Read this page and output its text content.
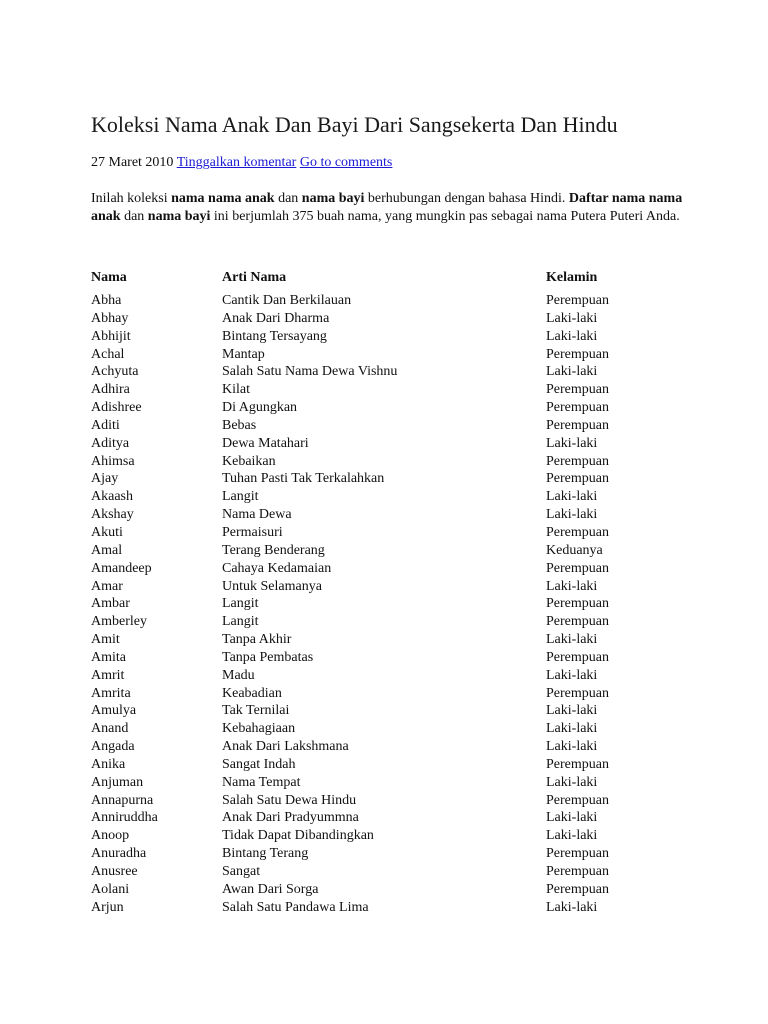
Koleksi Nama Anak Dan Bayi Dari Sangsekerta Dan Hindu
27 Maret 2010 Tinggalkan komentar Go to comments

Inilah koleksi nama nama anak dan nama bayi berhubungan dengan bahasa Hindi. Daftar nama nama anak dan nama bayi ini berjumlah 375 buah nama, yang mungkin pas sebagai nama Putera Puteri Anda.

Nama	Arti Nama	Kelamin
Abha	Cantik Dan Berkilauan	Perempuan
Abhay	Anak Dari Dharma	Laki-laki
Abhijit	Bintang Tersayang	Laki-laki
Achal	Mantap	Perempuan
Achyuta	Salah Satu Nama Dewa Vishnu	Laki-laki
Adhira	Kilat	Perempuan
Adishree	Di Agungkan	Perempuan
Aditi	Bebas	Perempuan
Aditya	Dewa Matahari	Laki-laki
Ahimsa	Kebaikan	Perempuan
Ajay	Tuhan Pasti Tak Terkalahkan	Perempuan
Akaash	Langit	Laki-laki
Akshay	Nama Dewa	Laki-laki
Akuti	Permaisuri	Perempuan
Amal	Terang Benderang	Keduanya
Amandeep	Cahaya Kedamaian	Perempuan
Amar	Untuk Selamanya	Laki-laki
Ambar	Langit	Perempuan
Amberley	Langit	Perempuan
Amit	Tanpa Akhir	Laki-laki
Amita	Tanpa Pembatas	Perempuan
Amrit	Madu	Laki-laki
Amrita	Keabadian	Perempuan
Amulya	Tak Ternilai	Laki-laki
Anand	Kebahagiaan	Laki-laki
Angada	Anak Dari Lakshmana	Laki-laki
Anika	Sangat Indah	Perempuan
Anjuman	Nama Tempat	Laki-laki
Annapurna	Salah Satu Dewa Hindu	Perempuan
Anniruddha	Anak Dari Pradyummna	Laki-laki
Anoop	Tidak Dapat Dibandingkan	Laki-laki
Anuradha	Bintang Terang	Perempuan
Anusree	Sangat	Perempuan
Aolani	Awan Dari Sorga	Perempuan
Arjun	Salah Satu Pandawa Lima	Laki-laki
